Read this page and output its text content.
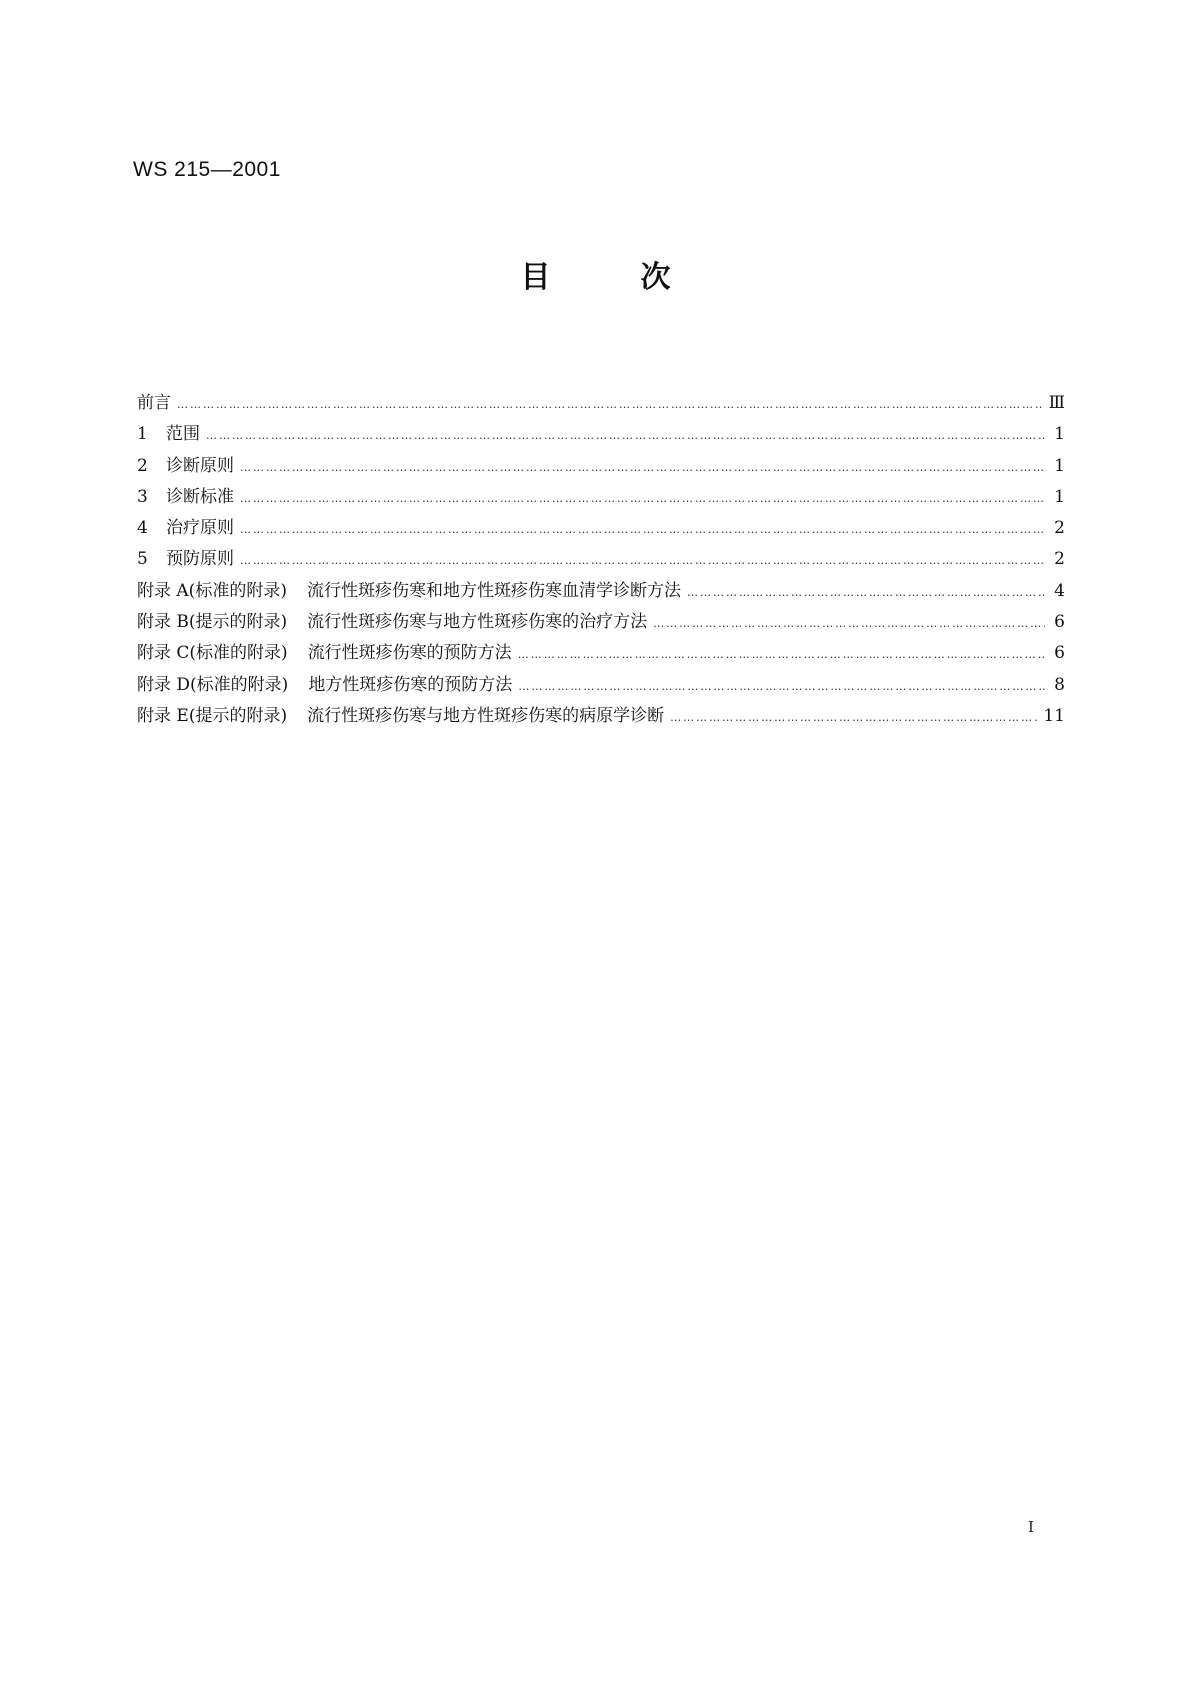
WS 215—2001
目	次
前言 …………………………………………………………………………………………………………………………………………………………………………………………………………………………………………	Ⅲ
1	范围 …………………………………………………………………………………………………………………………………………………………………………………………………………………………………………	1
2	诊断原则 …………………………………………………………………………………………………………………………………………………………………………………………………………………………………………	1
3	诊断标准 …………………………………………………………………………………………………………………………………………………………………………………………………………………………………………	1
4	治疗原则 …………………………………………………………………………………………………………………………………………………………………………………………………………………………………………	2
5	预防原则 …………………………………………………………………………………………………………………………………………………………………………………………………………………………………………	2
附录 A(标准的附录) 流行性斑疹伤寒和地方性斑疹伤寒血清学诊断方法 …………………………………………………………………………………………………………………………………………………………………………………………………………………………………………	4
附录 B(提示的附录) 流行性斑疹伤寒与地方性斑疹伤寒的治疗方法 …………………………………………………………………………………………………………………………………………………………………………………………………………………………………………	6
附录 C(标准的附录) 流行性斑疹伤寒的预防方法 …………………………………………………………………………………………………………………………………………………………………………………………………………………………………………	6
附录 D(标准的附录) 地方性斑疹伤寒的预防方法 …………………………………………………………………………………………………………………………………………………………………………………………………………………………………………	8
附录 E(提示的附录) 流行性斑疹伤寒与地方性斑疹伤寒的病原学诊断 …………………………………………………………………………………………………………………………………………………………………………………………………………………………………………	11
I
